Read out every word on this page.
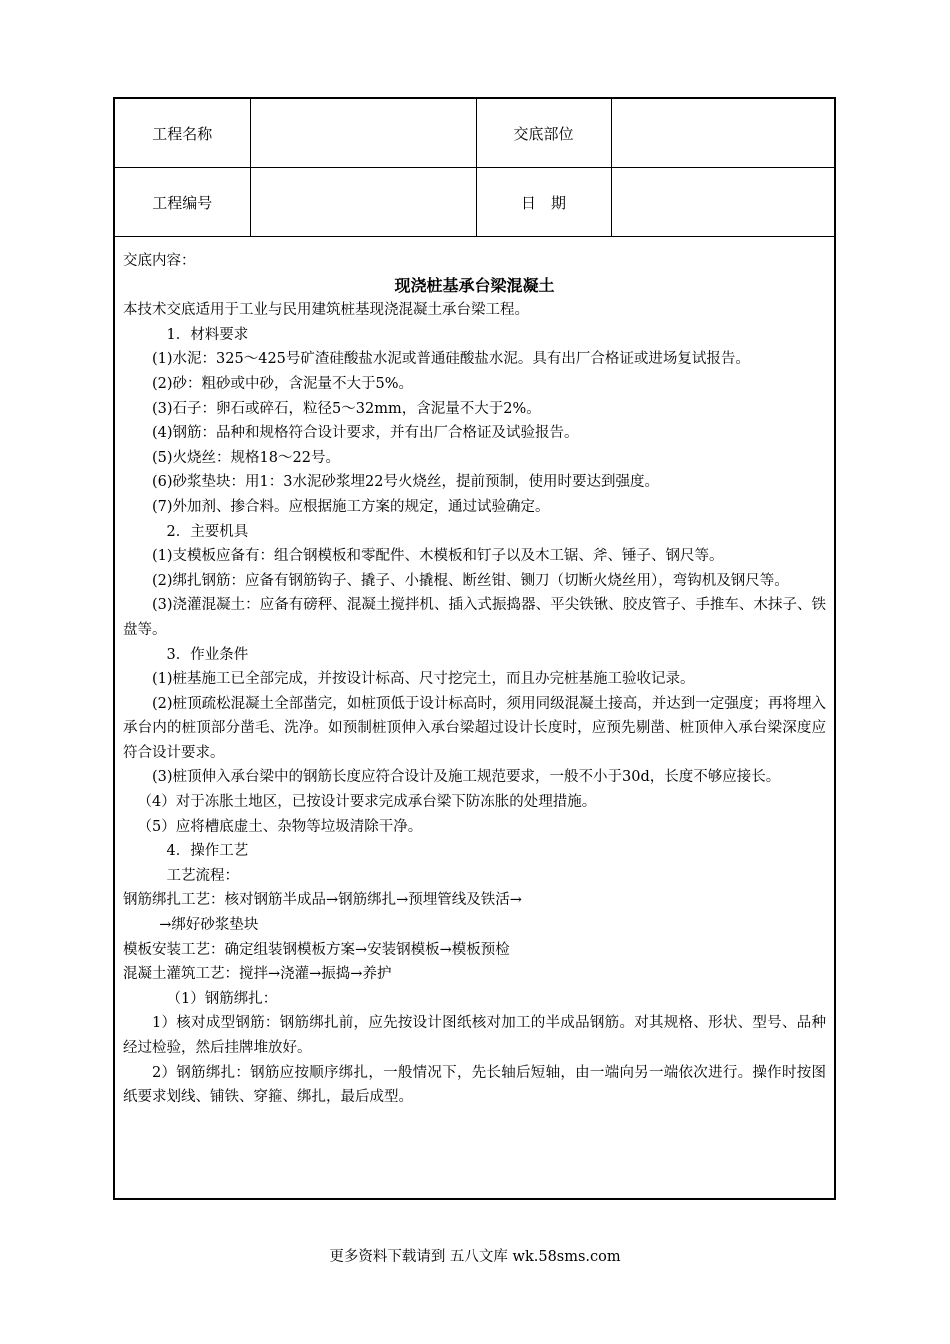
工程名称		交底部位	
工程编号		日　期	

交底内容：

现浇桩基承台梁混凝土

本技术交底适用于工业与民用建筑桩基现浇混凝土承台梁工程。

1．材料要求

(1)水泥：325～425号矿渣硅酸盐水泥或普通硅酸盐水泥。具有出厂合格证或进场复试报告。

(2)砂：粗砂或中砂，含泥量不大于5%。

(3)石子：卵石或碎石，粒径5～32mm，含泥量不大于2%。

(4)钢筋：品种和规格符合设计要求，并有出厂合格证及试验报告。

(5)火烧丝：规格18～22号。

(6)砂浆垫块：用1：3水泥砂浆埋22号火烧丝，提前预制，使用时要达到强度。

(7)外加剂、掺合料。应根据施工方案的规定，通过试验确定。

2．主要机具

(1)支模板应备有：组合钢模板和零配件、木模板和钉子以及木工锯、斧、锤子、钢尺等。

(2)绑扎钢筋：应备有钢筋钩子、撬子、小撬棍、断丝钳、铡刀（切断火烧丝用），弯钩机及钢尺等。

(3)浇灌混凝土：应备有磅秤、混凝土搅拌机、插入式振捣器、平尖铁锹、胶皮管子、手推车、木抹子、铁盘等。

3．作业条件

(1)桩基施工已全部完成，并按设计标高、尺寸挖完土，而且办完桩基施工验收记录。

(2)桩顶疏松混凝土全部凿完，如桩顶低于设计标高时，须用同级混凝土接高，并达到一定强度；再将埋入承台内的桩顶部分凿毛、洗净。如预制桩顶伸入承台梁超过设计长度时，应预先剔凿、桩顶伸入承台梁深度应符合设计要求。

(3)桩顶伸入承台梁中的钢筋长度应符合设计及施工规范要求，一般不小于30d，长度不够应接长。

（4）对于冻胀土地区，已按设计要求完成承台梁下防冻胀的处理措施。

（5）应将槽底虚土、杂物等垃圾清除干净。

4．操作工艺

工艺流程：

钢筋绑扎工艺：核对钢筋半成品→钢筋绑扎→预埋管线及铁活→

→绑好砂浆垫块

模板安装工艺：确定组装钢模板方案→安装钢模板→模板预检

混凝土灌筑工艺：搅拌→浇灌→振捣→养护

（1）钢筋绑扎：

1）核对成型钢筋：钢筋绑扎前，应先按设计图纸核对加工的半成品钢筋。对其规格、形状、型号、品种经过检验，然后挂牌堆放好。

2）钢筋绑扎：钢筋应按顺序绑扎，一般情况下，先长轴后短轴，由一端向另一端依次进行。操作时按图纸要求划线、铺铁、穿箍、绑扎，最后成型。

更多资料下载请到 五八文库 wk.58sms.com
